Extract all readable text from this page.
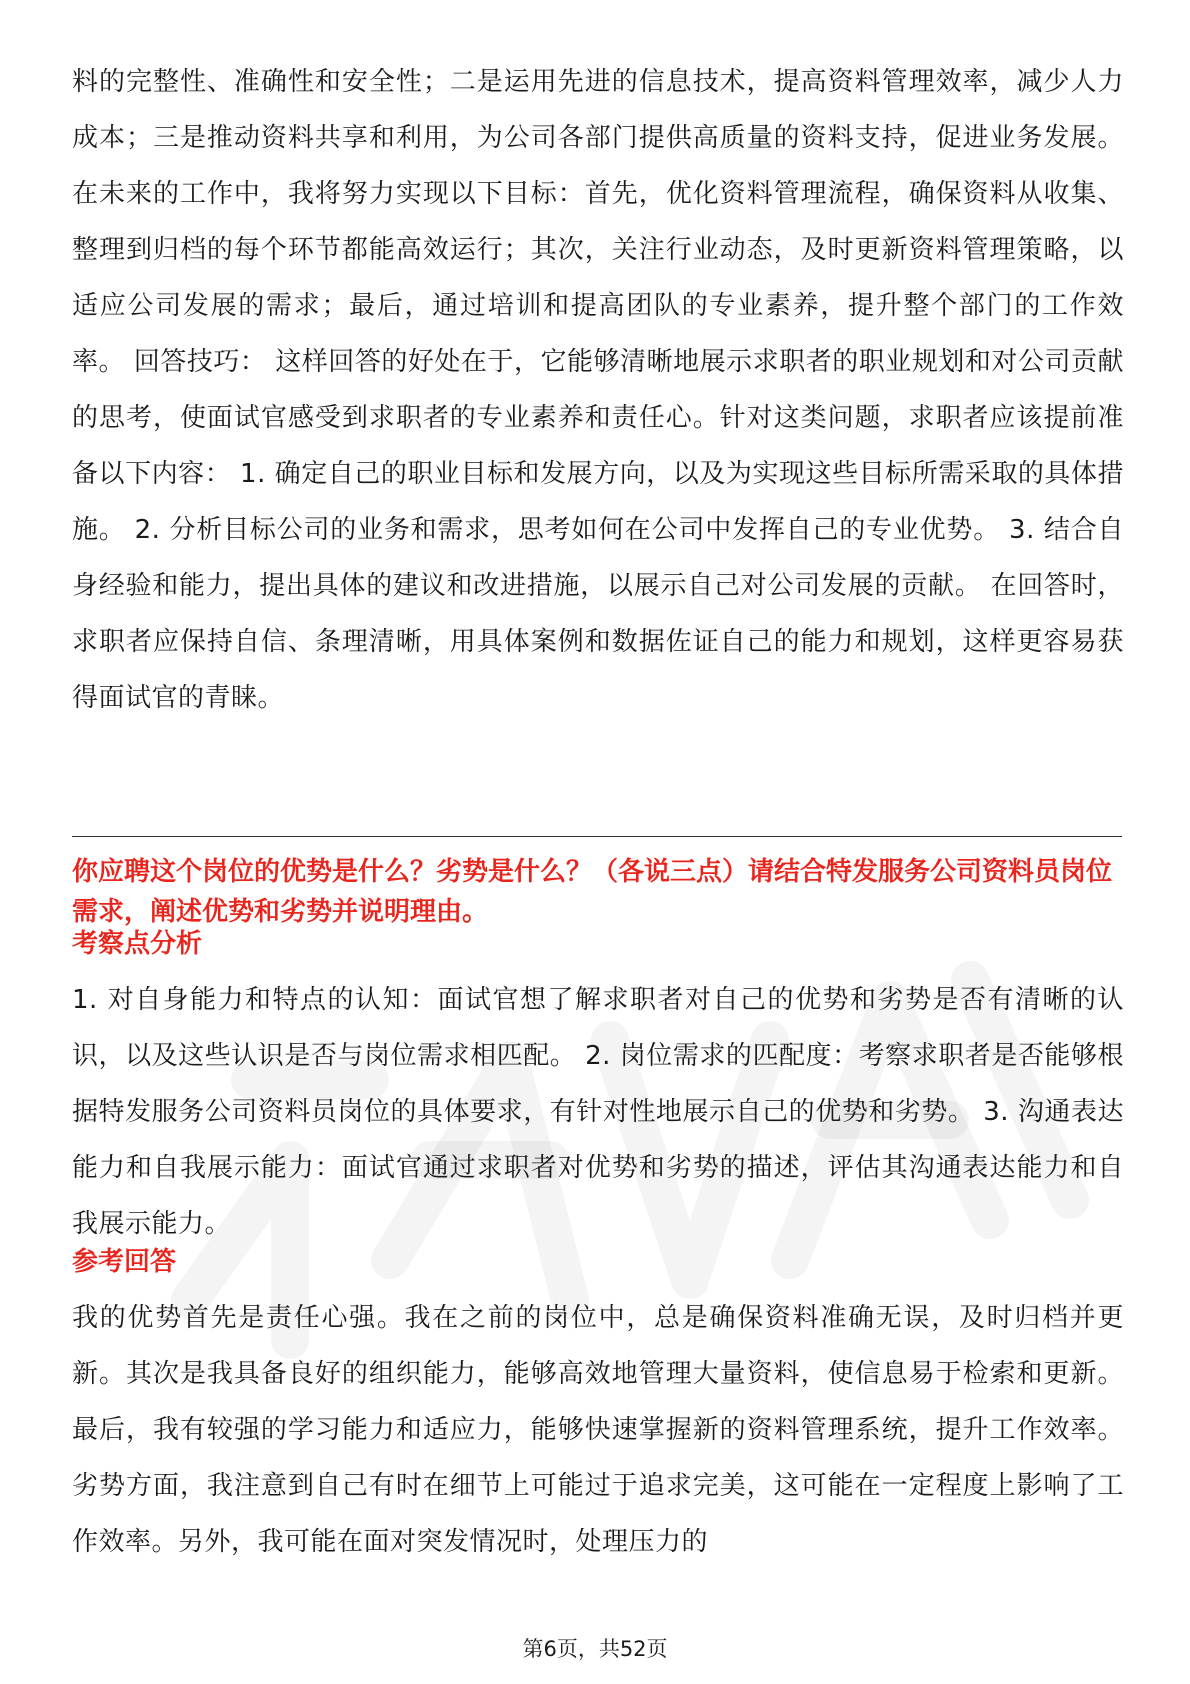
料的完整性、准确性和安全性；二是运用先进的信息技术，提高资料管理效率，减少人力成本；三是推动资料共享和利用，为公司各部门提供高质量的资料支持，促进业务发展。 在未来的工作中，我将努力实现以下目标：首先，优化资料管理流程，确保资料从收集、整理到归档的每个环节都能高效运行；其次，关注行业动态，及时更新资料管理策略，以适应公司发展的需求；最后，通过培训和提高团队的专业素养，提升整个部门的工作效率。 回答技巧： 这样回答的好处在于，它能够清晰地展示求职者的职业规划和对公司贡献的思考，使面试官感受到求职者的专业素养和责任心。针对这类问题，求职者应该提前准备以下内容： 1. 确定自己的职业目标和发展方向，以及为实现这些目标所需采取的具体措施。 2. 分析目标公司的业务和需求，思考如何在公司中发挥自己的专业优势。 3. 结合自身经验和能力，提出具体的建议和改进措施，以展示自己对公司发展的贡献。 在回答时，求职者应保持自信、条理清晰，用具体案例和数据佐证自己的能力和规划，这样更容易获得面试官的青睐。

你应聘这个岗位的优势是什么？劣势是什么？（各说三点）请结合特发服务公司资料员岗位需求，阐述优势和劣势并说明理由。

考察点分析

1. 对自身能力和特点的认知：面试官想了解求职者对自己的优势和劣势是否有清晰的认识，以及这些认识是否与岗位需求相匹配。 2. 岗位需求的匹配度：考察求职者是否能够根据特发服务公司资料员岗位的具体要求，有针对性地展示自己的优势和劣势。 3. 沟通表达能力和自我展示能力：面试官通过求职者对优势和劣势的描述，评估其沟通表达能力和自我展示能力。

参考回答

我的优势首先是责任心强。我在之前的岗位中，总是确保资料准确无误，及时归档并更新。其次是我具备良好的组织能力，能够高效地管理大量资料，使信息易于检索和更新。最后，我有较强的学习能力和适应力，能够快速掌握新的资料管理系统，提升工作效率。 劣势方面，我注意到自己有时在细节上可能过于追求完美，这可能在一定程度上影响了工作效率。另外，我可能在面对突发情况时，处理压力的

第6页，共52页
